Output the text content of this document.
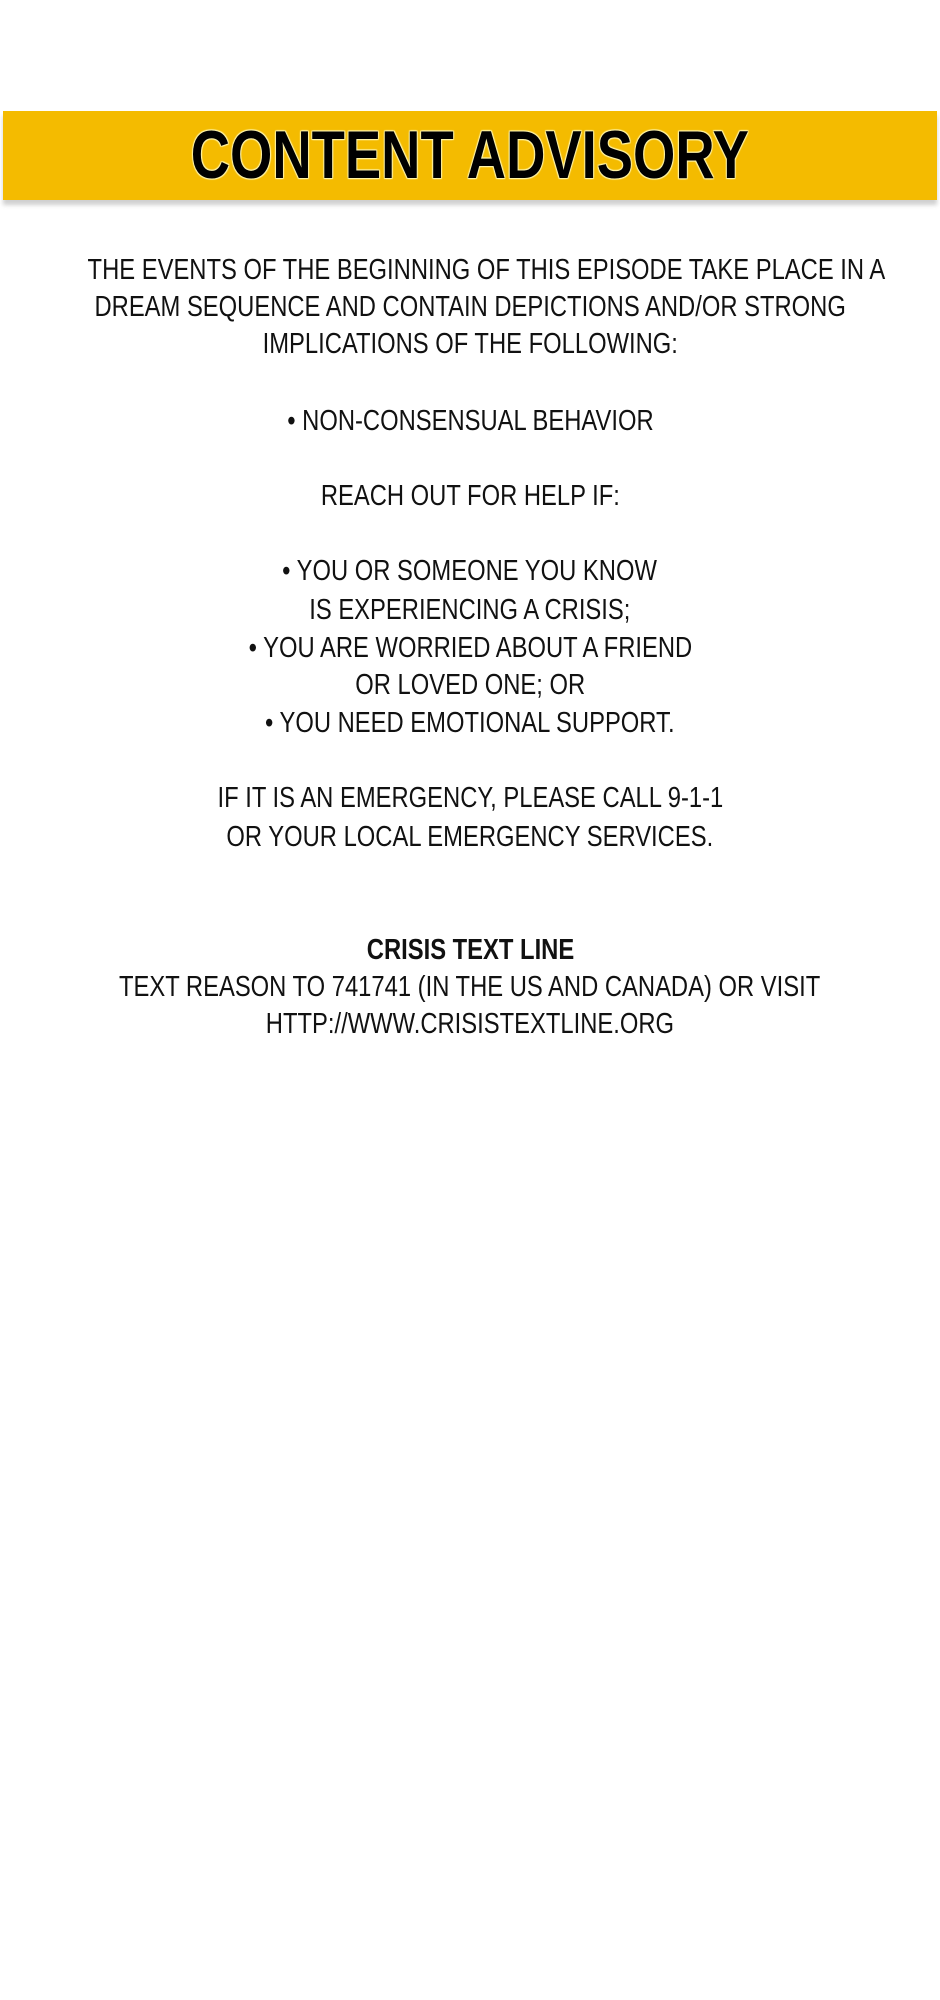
CONTENT ADVISORY
THE EVENTS OF THE BEGINNING OF THIS EPISODE TAKE PLACE IN A
DREAM SEQUENCE AND CONTAIN DEPICTIONS AND/OR STRONG
IMPLICATIONS OF THE FOLLOWING:
• NON-CONSENSUAL BEHAVIOR
REACH OUT FOR HELP IF:
• YOU OR SOMEONE YOU KNOW
IS EXPERIENCING A CRISIS;
• YOU ARE WORRIED ABOUT A FRIEND
OR LOVED ONE; OR
• YOU NEED EMOTIONAL SUPPORT.
IF IT IS AN EMERGENCY, PLEASE CALL 9-1-1
OR YOUR LOCAL EMERGENCY SERVICES.
CRISIS TEXT LINE
TEXT REASON TO 741741 (IN THE US AND CANADA) OR VISIT
HTTP://WWW.CRISISTEXTLINE.ORG
